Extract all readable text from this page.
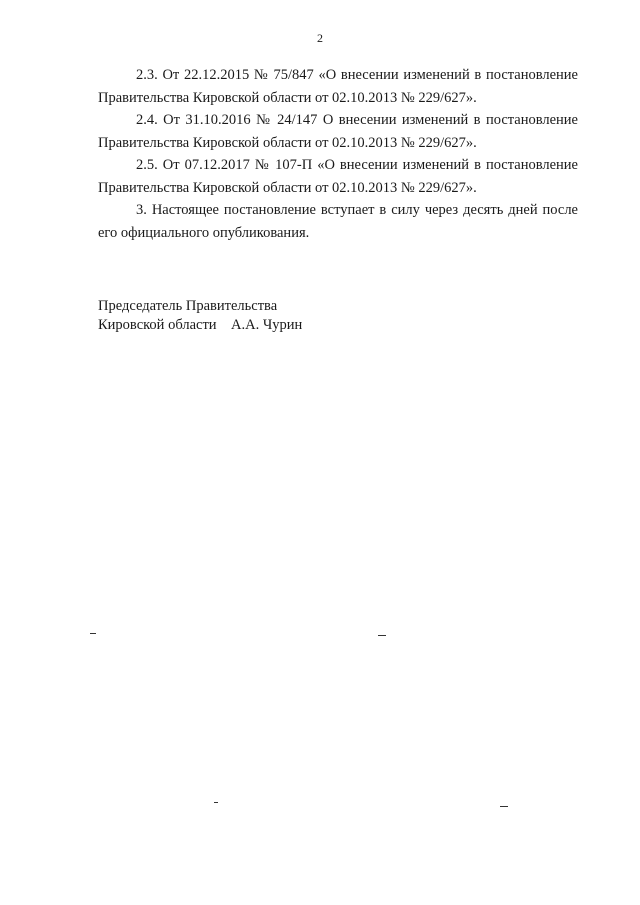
2

2.3. От 22.12.2015 № 75/847 «О внесении изменений в постановление Правительства Кировской области от 02.10.2013 № 229/627».

2.4. От 31.10.2016 № 24/147 О внесении изменений в постановление Правительства Кировской области от 02.10.2013 № 229/627».

2.5. От 07.12.2017 № 107-П «О внесении изменений в постановление Правительства Кировской области от 02.10.2013 № 229/627».

3. Настоящее постановление вступает в силу через десять дней после его официального опубликования.

Председатель Правительства
Кировской области    А.А. Чурин
